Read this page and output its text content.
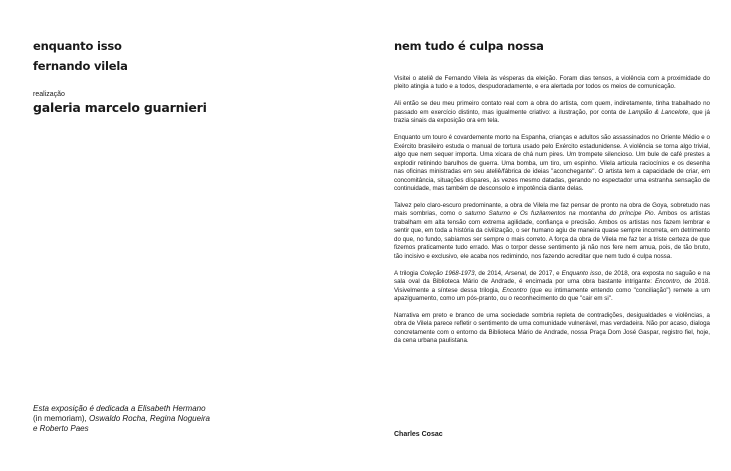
enquanto isso

fernando vilela

realização

galeria marcelo guarnieri

Esta exposição é dedicada a Elisabeth Hermano
(in memoriam), Oswaldo Rocha, Regina Nogueira
e Roberto Paes

nem tudo é culpa nossa

Visitei o ateliê de Fernando Vilela às vésperas da eleição. Foram dias tensos, a violência com a proximidade do pleito atingia a tudo e a todos, despudoradamente, e era alertada por todos os meios de comunicação.

Ali então se deu meu primeiro contato real com a obra do artista, com quem, indiretamente, tinha trabalhado no passado em exercício distinto, mas igualmente criativo: a ilustração, por conta de Lampião & Lancelote, que já trazia sinais da exposição ora em tela.

Enquanto um touro é covardemente morto na Espanha, crianças e adultos são assassinados no Oriente Médio e o Exército brasileiro estuda o manual de tortura usado pelo Exército estadunidense. A violência se torna algo trivial, algo que nem sequer importa. Uma xícara de chá num pires. Um trompete silencioso. Um bule de café prestes a explodir retinindo barulhos de guerra. Uma bomba, um tiro, um espinho. Vilela articula raciocínios e os desenha nas oficinas ministradas em seu ateliê/fábrica de ideias "aconchegante". O artista tem a capacidade de criar, em concomitância, situações díspares, às vezes mesmo datadas, gerando no espectador uma estranha sensação de continuidade, mas também de desconsolo e impotência diante delas.

Talvez pelo claro-escuro predominante, a obra de Vilela me faz pensar de pronto na obra de Goya, sobretudo nas mais sombrias, como o saturno Saturno e Os fuzilamentos na montanha do príncipe Pio. Ambos os artistas trabalham em alta tensão com extrema agilidade, confiança e precisão. Ambos os artistas nos fazem lembrar e sentir que, em toda a história da civilização, o ser humano agiu de maneira quase sempre incorreta, em detrimento do que, no fundo, sabíamos ser sempre o mais correto. A força da obra de Vilela me faz ter a triste certeza de que fizemos praticamente tudo errado. Mas o torpor desse sentimento já não nos fere nem amua, pois, de tão bruto, tão incisivo e exclusivo, ele acaba nos redimindo, nos fazendo acreditar que nem tudo é culpa nossa.

A trilogia Coleção 1968-1973, de 2014, Arsenal, de 2017, e Enquanto isso, de 2018, ora exposta no saguão e na sala oval da Biblioteca Mário de Andrade, é encimada por uma obra bastante intrigante: Encontro, de 2018. Visivelmente a síntese dessa trilogia, Encontro (que eu intimamente entendo como "conciliação") remete a um apaziguamento, como um pós-pranto, ou o reconhecimento do que "cair em si".

Narrativa em preto e branco de uma sociedade sombria repleta de contradições, desigualdades e violências, a obra de Vilela parece refletir o sentimento de uma comunidade vulnerável, mas verdadeira. Não por acaso, dialoga concretamente com o entorno da Biblioteca Mário de Andrade, nossa Praça Dom José Gaspar, registro fiel, hoje, da cena urbana paulistana.

Charles Cosac
